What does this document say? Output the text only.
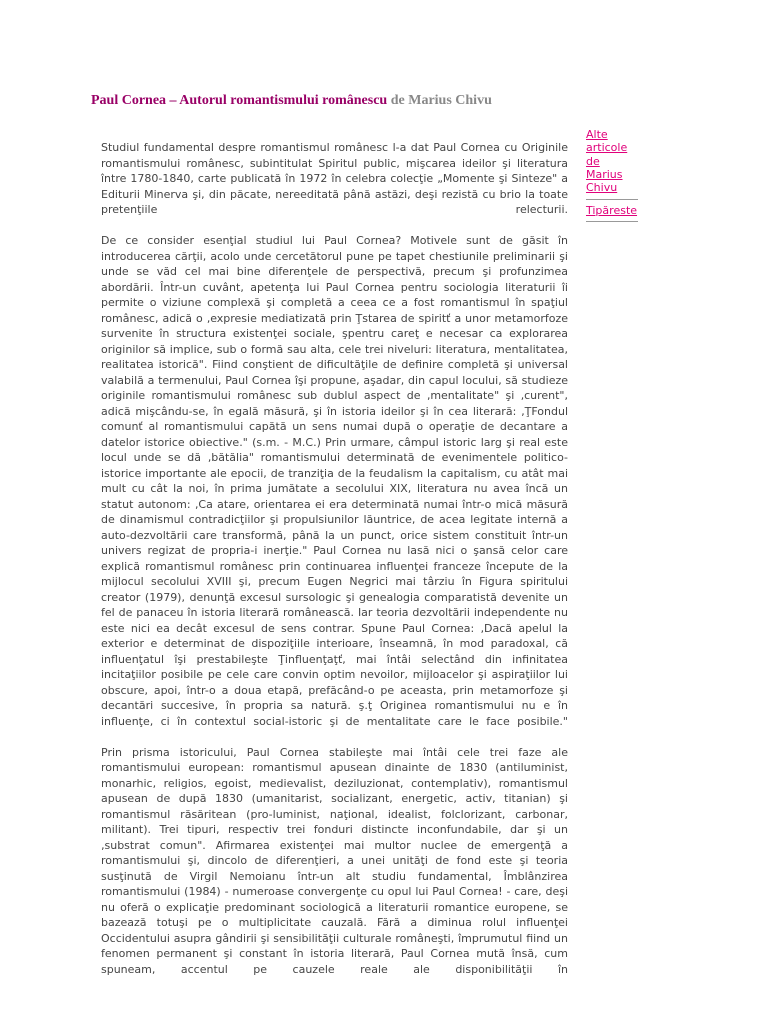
Paul Cornea – Autorul romantismului românescu de Marius Chivu

Studiul fundamental despre romantismul românesc l-a dat Paul Cornea cu Originile romantismului românesc, subintitulat Spiritul public, mişcarea ideilor şi literatura între 1780-1840, carte publicată în 1972 în celebra colecţie „Momente şi Sinteze" a Editurii Minerva şi, din păcate, nereeditată până astăzi, deşi rezistă cu brio la toate pretenţiile relecturii.

De ce consider esenţial studiul lui Paul Cornea? Motivele sunt de găsit în introducerea cărţii, acolo unde cercetătorul pune pe tapet chestiunile preliminarii şi unde se văd cel mai bine diferenţele de perspectivă, precum şi profunzimea abordării. Într-un cuvânt, apetenţa lui Paul Cornea pentru sociologia literaturii îi permite o viziune complexă şi completă a ceea ce a fost romantismul în spaţiul românesc, adică o ‚expresie mediatizată prin Ţstarea de spiritť a unor metamorfoze survenite în structura existenţei sociale, şpentru careţ e necesar ca explorarea originilor să implice, sub o formă sau alta, cele trei niveluri: literatura, mentalitatea, realitatea istorică". Fiind conştient de dificultăţile de definire completă şi universal valabilă a termenului, Paul Cornea îşi propune, aşadar, din capul locului, să studieze originile romantismului românesc sub dublul aspect de ‚mentalitate" şi ‚curent", adică mişcându-se, în egală măsură, şi în istoria ideilor şi în cea literară: ‚ŢFondul comunť al romantismului capătă un sens numai după o operaţie de decantare a datelor istorice obiective." (s.m. - M.C.) Prin urmare, câmpul istoric larg şi real este locul unde se dă ‚bătălia" romantismului determinată de evenimentele politico-istorice importante ale epocii, de tranziţia de la feudalism la capitalism, cu atât mai mult cu cât la noi, în prima jumătate a secolului XIX, literatura nu avea încă un statut autonom: ‚Ca atare, orientarea ei era determinată numai într-o mică măsură de dinamismul contradicţiilor şi propulsiunilor lăuntrice, de acea legitate internă a auto-dezvoltării care transformă, până la un punct, orice sistem constituit într-un univers regizat de propria-i inerţie." Paul Cornea nu lasă nici o şansă celor care explică romantismul românesc prin continuarea influenţei franceze începute de la mijlocul secolului XVIII şi, precum Eugen Negrici mai târziu în Figura spiritului creator (1979), denunţă excesul sursologic şi genealogia comparatistă devenite un fel de panaceu în istoria literară românească. Iar teoria dezvoltării independente nu este nici ea decât excesul de sens contrar. Spune Paul Cornea: ‚Dacă apelul la exterior e determinat de dispoziţiile interioare, înseamnă, în mod paradoxal, că influenţatul îşi prestabileşte Ţinfluenţaţť, mai întâi selectând din infinitatea incitaţiilor posibile pe cele care convin optim nevoilor, mijloacelor şi aspiraţiilor lui obscure, apoi, într-o a doua etapă, prefăcând-o pe aceasta, prin metamorfoze şi decantări succesive, în propria sa natură. ş.ţ Originea romantismului nu e în influenţe, ci în contextul social-istoric şi de mentalitate care le face posibile."

Prin prisma istoricului, Paul Cornea stabileşte mai întâi cele trei faze ale romantismului european: romantismul apusean dinainte de 1830 (antiluminist, monarhic, religios, egoist, medievalist, deziluzionat, contemplativ), romantismul apusean de după 1830 (umanitarist, socializant, energetic, activ, titanian) şi romantismul răsăritean (pro-luminist, naţional, idealist, folclorizant, carbonar, militant). Trei tipuri, respectiv trei fonduri distincte inconfundabile, dar şi un ‚substrat comun". Afirmarea existenţei mai multor nuclee de emergenţă a romantismului şi, dincolo de diferenţieri, a unei unităţi de fond este şi teoria susţinută de Virgil Nemoianu într-un alt studiu fundamental, Îmblânzirea romantismului (1984) - numeroase convergenţe cu opul lui Paul Cornea! - care, deşi nu oferă o explicaţie predominant sociologică a literaturii romantice europene, se bazează totuşi pe o multiplicitate cauzală. Fără a diminua rolul influenţei Occidentului asupra gândirii şi sensibilităţii culturale româneşti, împrumutul fiind un fenomen permanent şi constant în istoria literară, Paul Cornea mută însă, cum spuneam, accentul pe cauzele reale ale disponibilităţii în

Alte articole de Marius Chivu
Tipăreste
